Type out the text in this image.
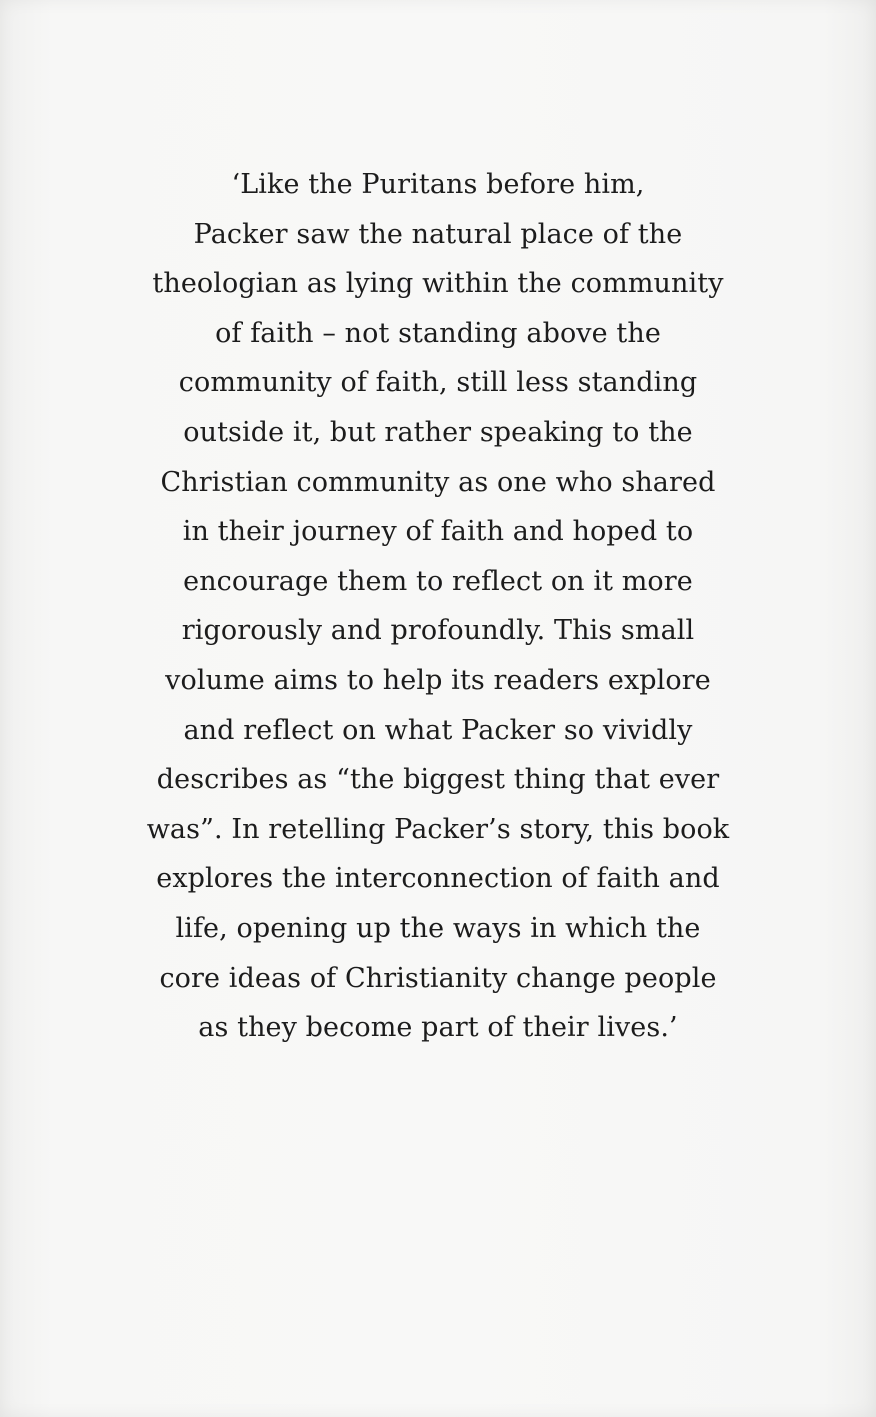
‘Like the Puritans before him,
Packer saw the natural place of the
theologian as lying within the community
of faith – not standing above the
community of faith, still less standing
outside it, but rather speaking to the
Christian community as one who shared
in their journey of faith and hoped to
encourage them to reflect on it more
rigorously and profoundly. This small
volume aims to help its readers explore
and reflect on what Packer so vividly
describes as “the biggest thing that ever
was”. In retelling Packer’s story, this book
explores the interconnection of faith and
life, opening up the ways in which the
core ideas of Christianity change people
as they become part of their lives.’
